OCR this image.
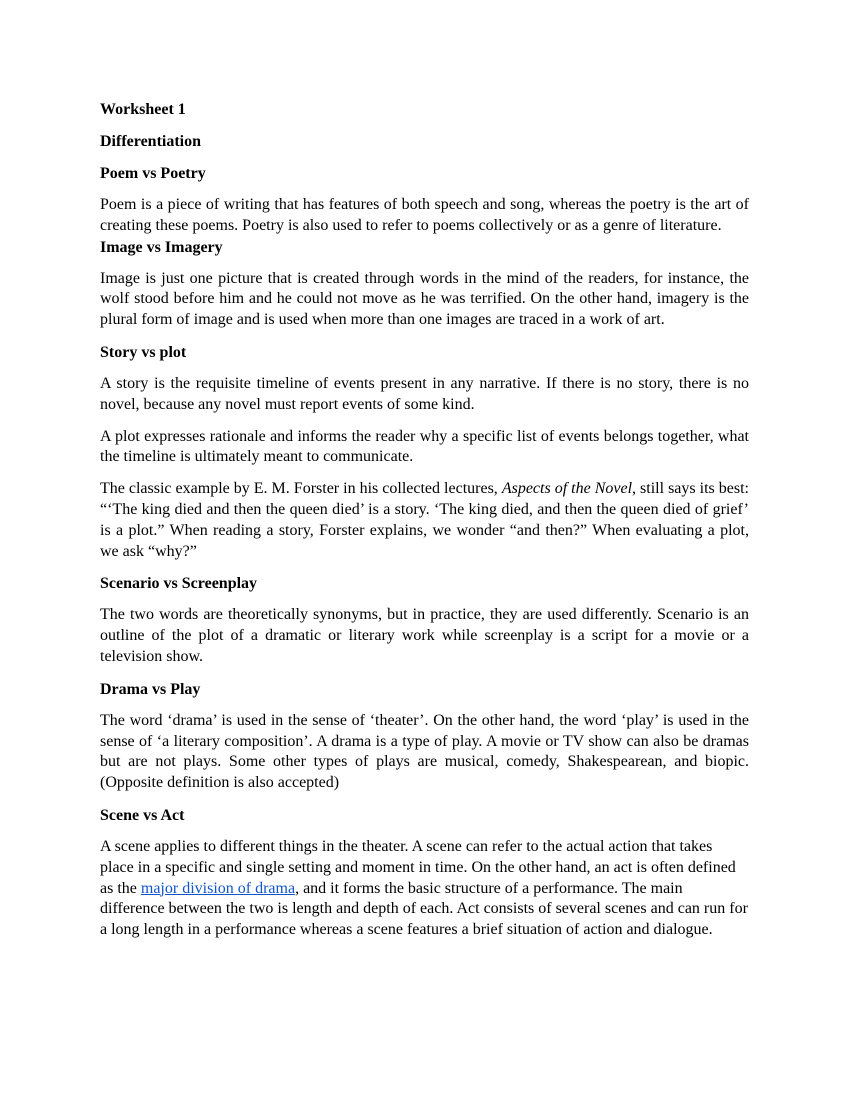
Worksheet 1
Differentiation
Poem vs Poetry

Poem is a piece of writing that has features of both speech and song, whereas the poetry is the art of creating these poems. Poetry is also used to refer to poems collectively or as a genre of literature.

Image vs Imagery

Image is just one picture that is created through words in the mind of the readers, for instance, the wolf stood before him and he could not move as he was terrified. On the other hand, imagery is the plural form of image and is used when more than one images are traced in a work of art.

Story vs plot

A story is the requisite timeline of events present in any narrative. If there is no story, there is no novel, because any novel must report events of some kind.

A plot expresses rationale and informs the reader why a specific list of events belongs together, what the timeline is ultimately meant to communicate.

The classic example by E. M. Forster in his collected lectures, Aspects of the Novel, still says its best: “‘The king died and then the queen died’ is a story. ‘The king died, and then the queen died of grief’ is a plot.” When reading a story, Forster explains, we wonder “and then?” When evaluating a plot, we ask “why?”

Scenario vs Screenplay

The two words are theoretically synonyms, but in practice, they are used differently. Scenario is an outline of the plot of a dramatic or literary work while screenplay is a script for a movie or a television show.

Drama vs Play

The word ‘drama’ is used in the sense of ‘theater’. On the other hand, the word ‘play’ is used in the sense of ‘a literary composition’. A drama is a type of play. A movie or TV show can also be dramas but are not plays. Some other types of plays are musical, comedy, Shakespearean, and biopic. (Opposite definition is also accepted)

Scene vs Act

A scene applies to different things in the theater. A scene can refer to the actual action that takes place in a specific and single setting and moment in time. On the other hand, an act is often defined as the major division of drama, and it forms the basic structure of a performance. The main difference between the two is length and depth of each. Act consists of several scenes and can run for a long length in a performance whereas a scene features a brief situation of action and dialogue.
